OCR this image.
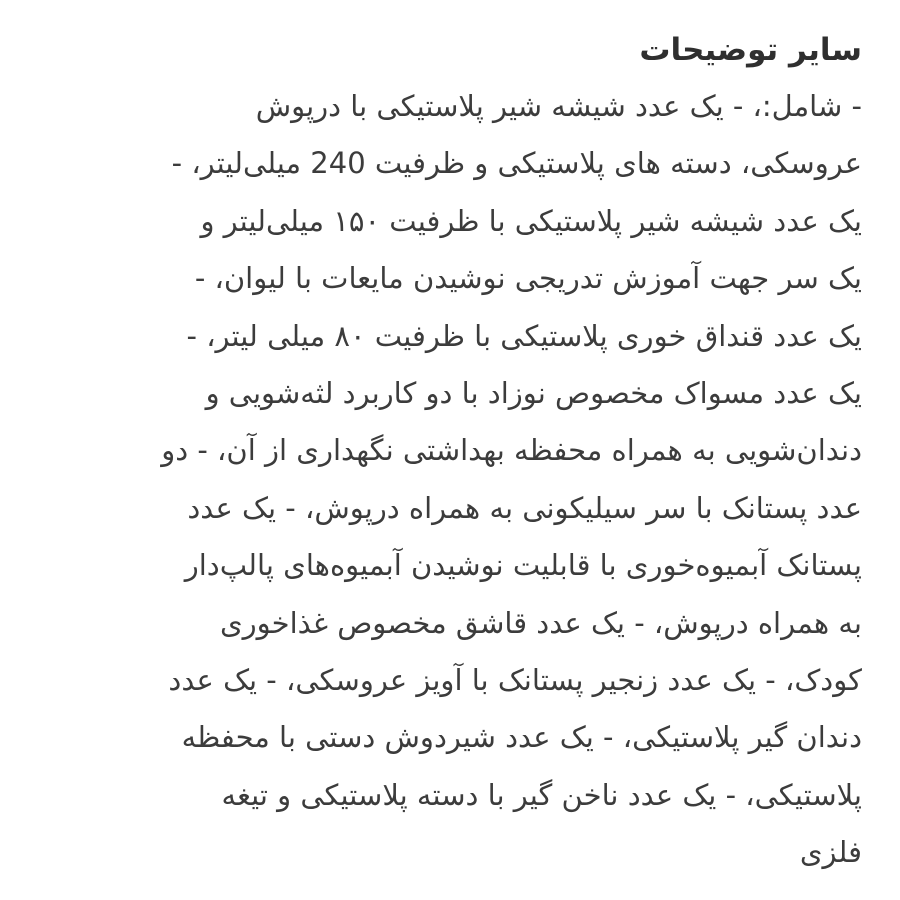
سایر توضیحات
- شامل:، - یک عدد شیشه شیر پلاستیکی با درپوش
عروسکی، دسته های پلاستیکی و ظرفیت 240 میلی‌لیتر، -
یک عدد شیشه شیر پلاستیکی با ظرفیت ۱۵۰ میلی‌لیتر و
یک سر جهت آموزش تدریجی نوشیدن مایعات با لیوان، -
یک عدد قنداق خوری پلاستیکی با ظرفیت ۸۰ میلی لیتر، -
یک عدد مسواک مخصوص نوزاد با دو کاربرد لثه‌شویی و
دندان‌شویی به همراه محفظه بهداشتی نگهداری از آن، - دو
عدد پستانک با سر سیلیکونی به همراه درپوش، - یک عدد
پستانک آبمیوه‌خوری با قابلیت نوشیدن آبمیوه‌های پالپ‌دار
به همراه درپوش، - یک عدد قاشق مخصوص غذاخوری
کودک، - یک عدد زنجیر پستانک با آویز عروسکی، - یک عدد
دندان گیر پلاستیکی، - یک عدد شیردوش دستی با محفظه
پلاستیکی، - یک عدد ناخن گیر با دسته پلاستیکی و تیغه
فلزی
